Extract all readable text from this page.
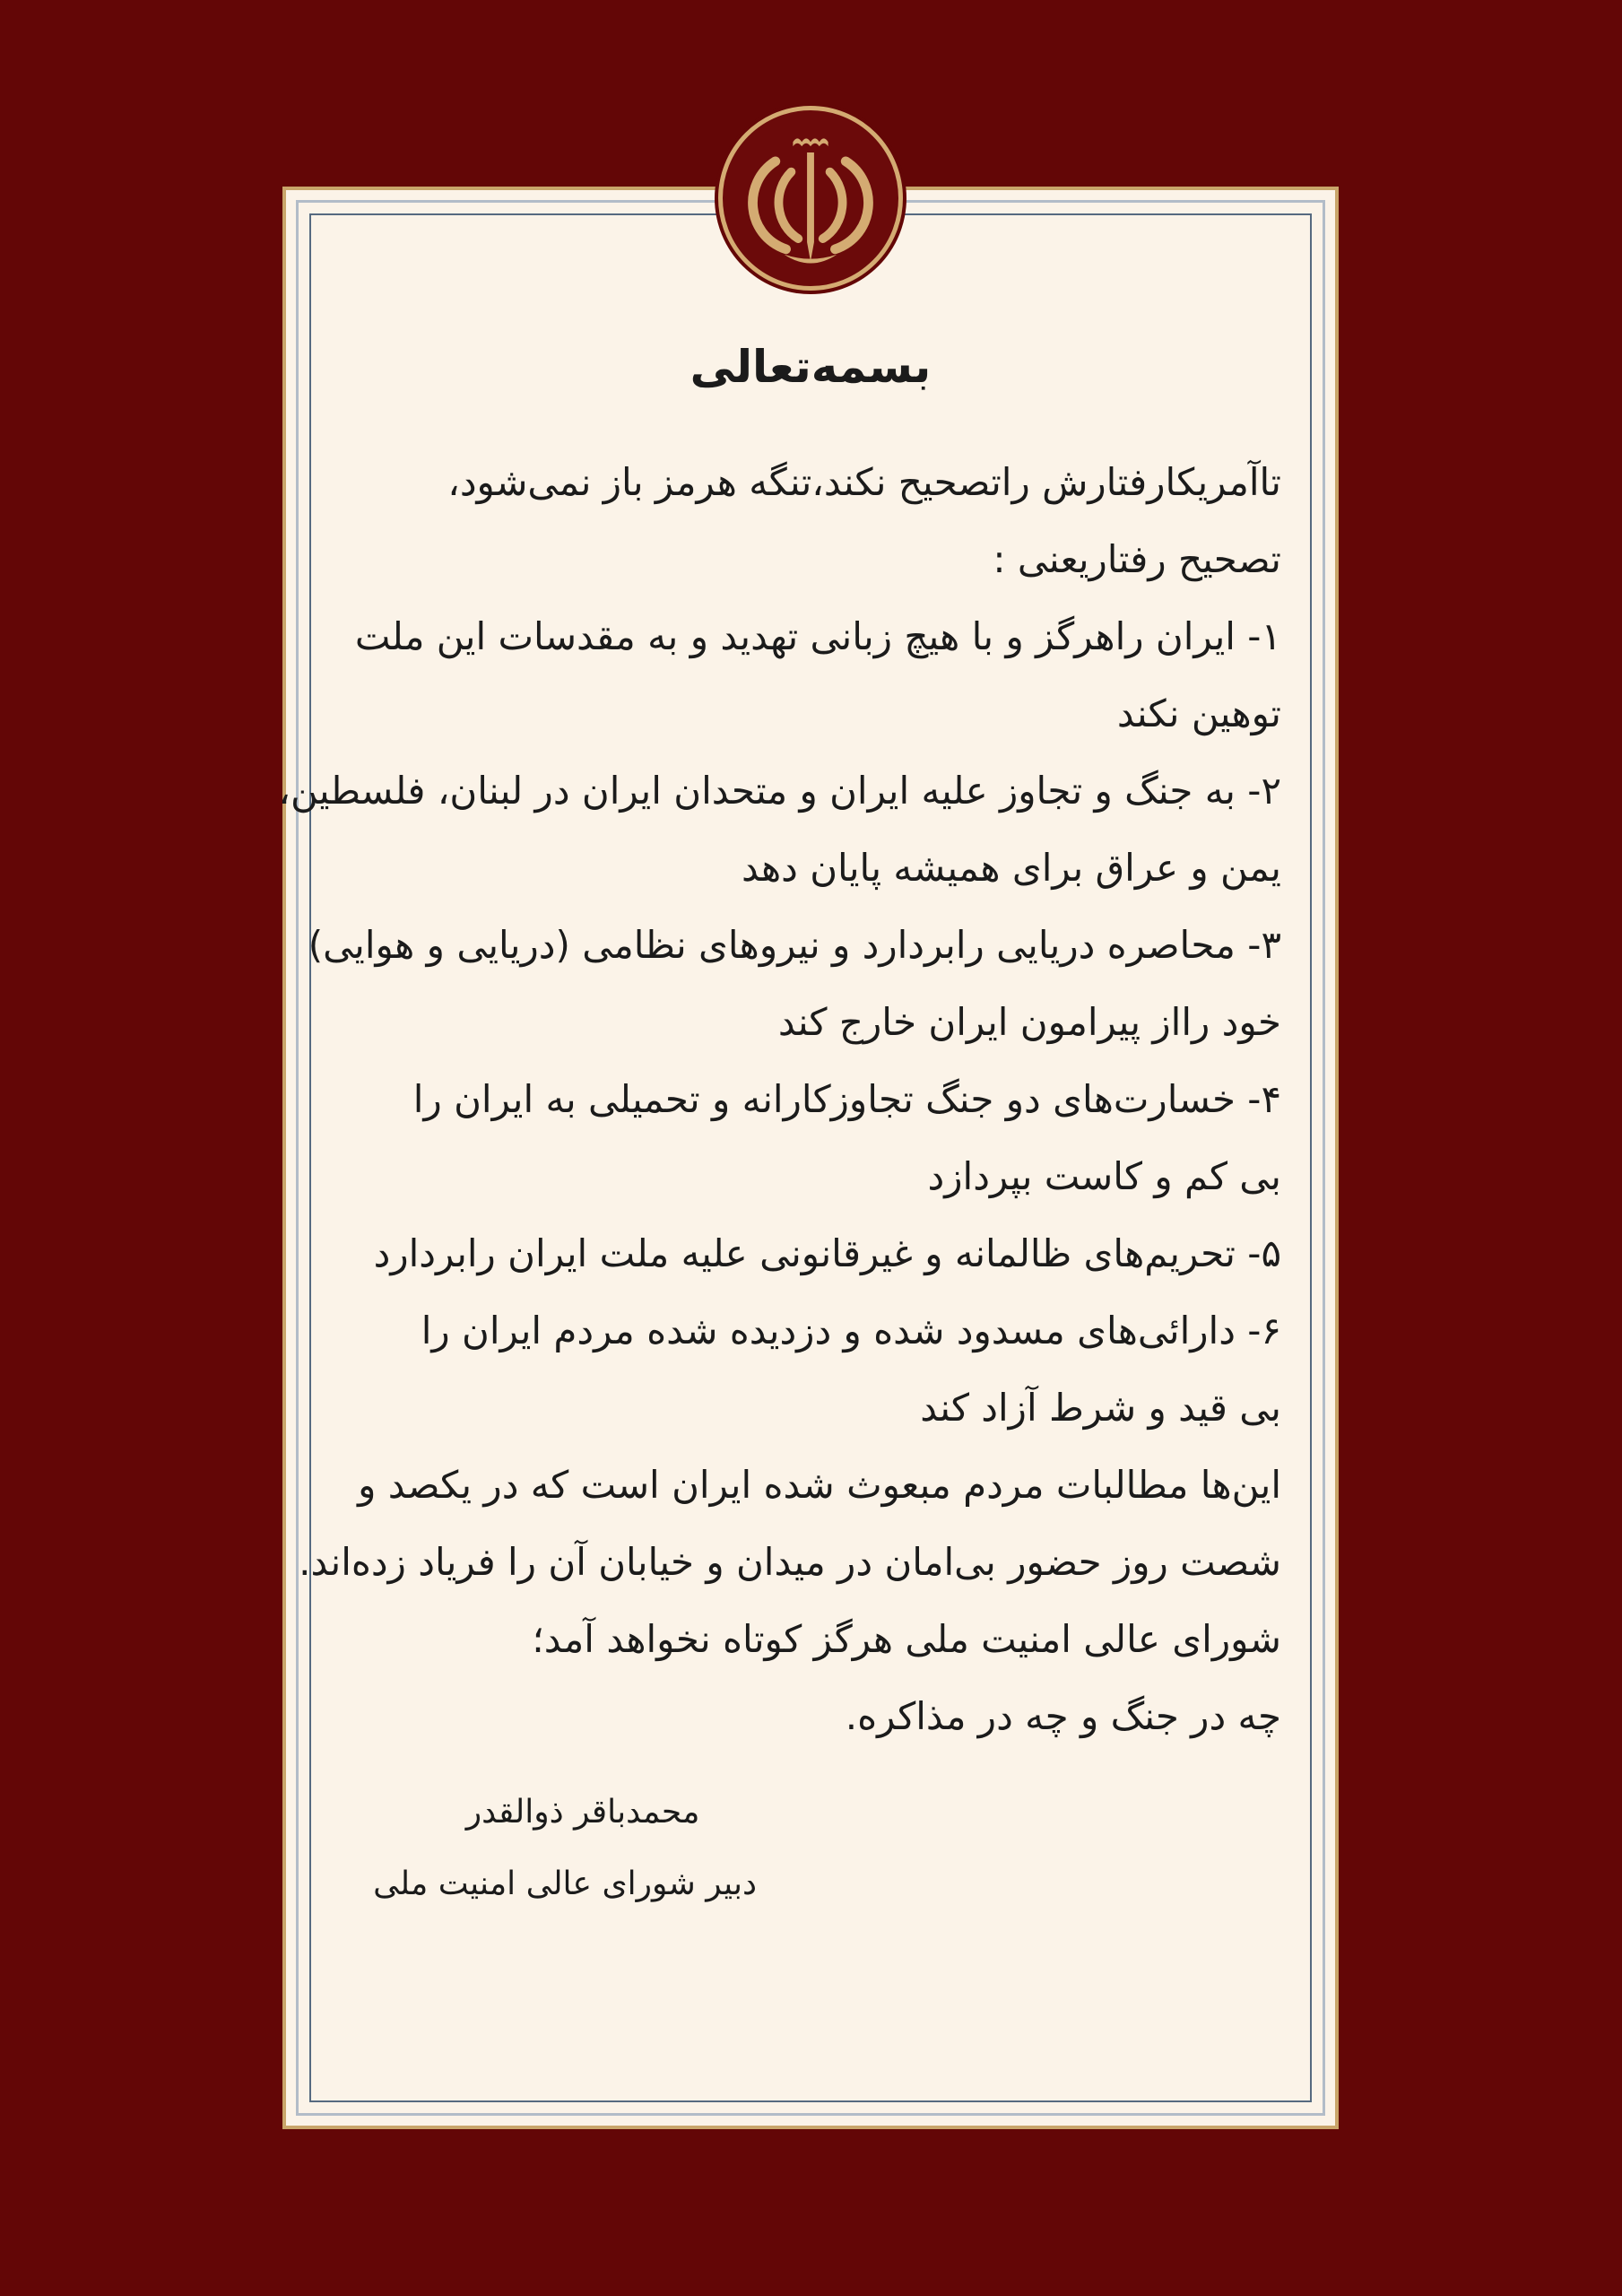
بسمه‌تعالی
تاآمریکارفتارش راتصحیح نکند،تنگه هرمز باز نمی‌شود،
تصحیح رفتاریعنی :
۱- ایران راهرگز و با هیچ زبانی تهدید و به مقدسات این ملت
توهین نکند
۲- به جنگ و تجاوز علیه ایران و متحدان ایران در لبنان، فلسطین،
یمن و عراق برای همیشه پایان دهد
۳- محاصره دریایی رابردارد و نیروهای نظامی (دریایی و هوایی)
خود رااز پیرامون ایران خارج کند
۴- خسارت‌های دو جنگ تجاوزکارانه و تحمیلی به ایران را
بی کم و کاست بپردازد
۵- تحریم‌های ظالمانه و غیرقانونی علیه ملت ایران رابردارد
۶- دارائی‌های مسدود شده و دزدیده شده مردم ایران را
بی قید و شرط آزاد کند
این‌ها مطالبات مردم مبعوث شده ایران است که در یکصد و
شصت روز حضور بی‌امان در میدان و خیابان آن را فریاد زده‌اند.
شورای عالی امنیت ملی هرگز کوتاه نخواهد آمد؛
چه در جنگ و چه در مذاکره.
محمدباقر ذوالقدر
دبیر شورای عالی امنیت ملی
